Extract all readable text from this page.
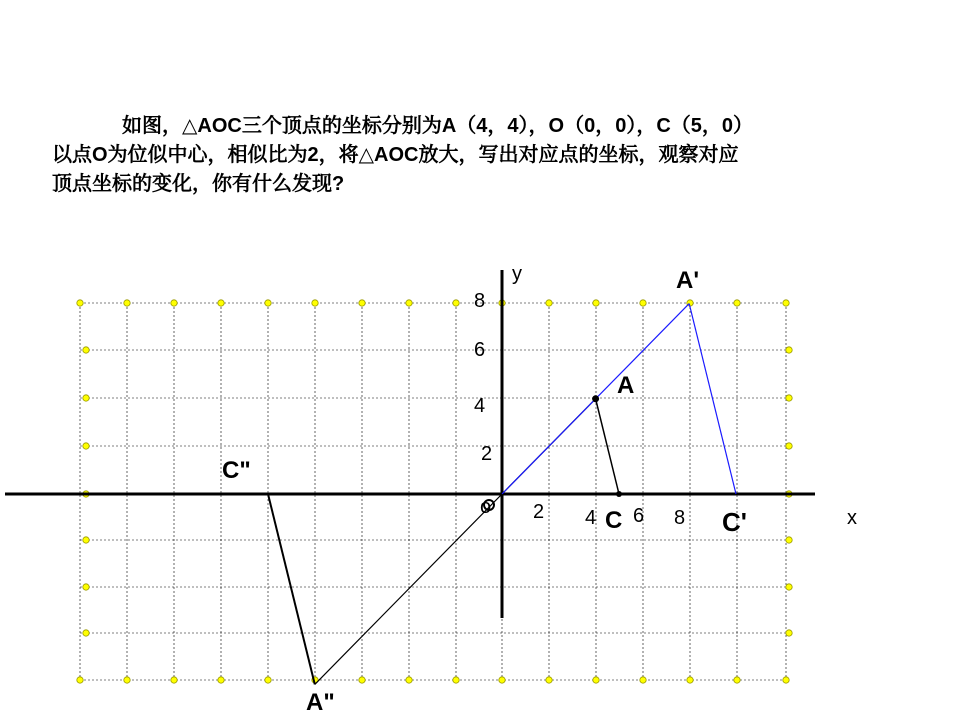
如图，△AOC三个顶点的坐标分别为A（4，4），O（0，0），C（5，0）

以点O为位似中心，相似比为2，将△AOC放大，写出对应点的坐标，观察对应

顶点坐标的变化，你有什么发现?

y
x
o 2 4 6 8
2
4
6
8
A
C
A'
C'
C"
A"
